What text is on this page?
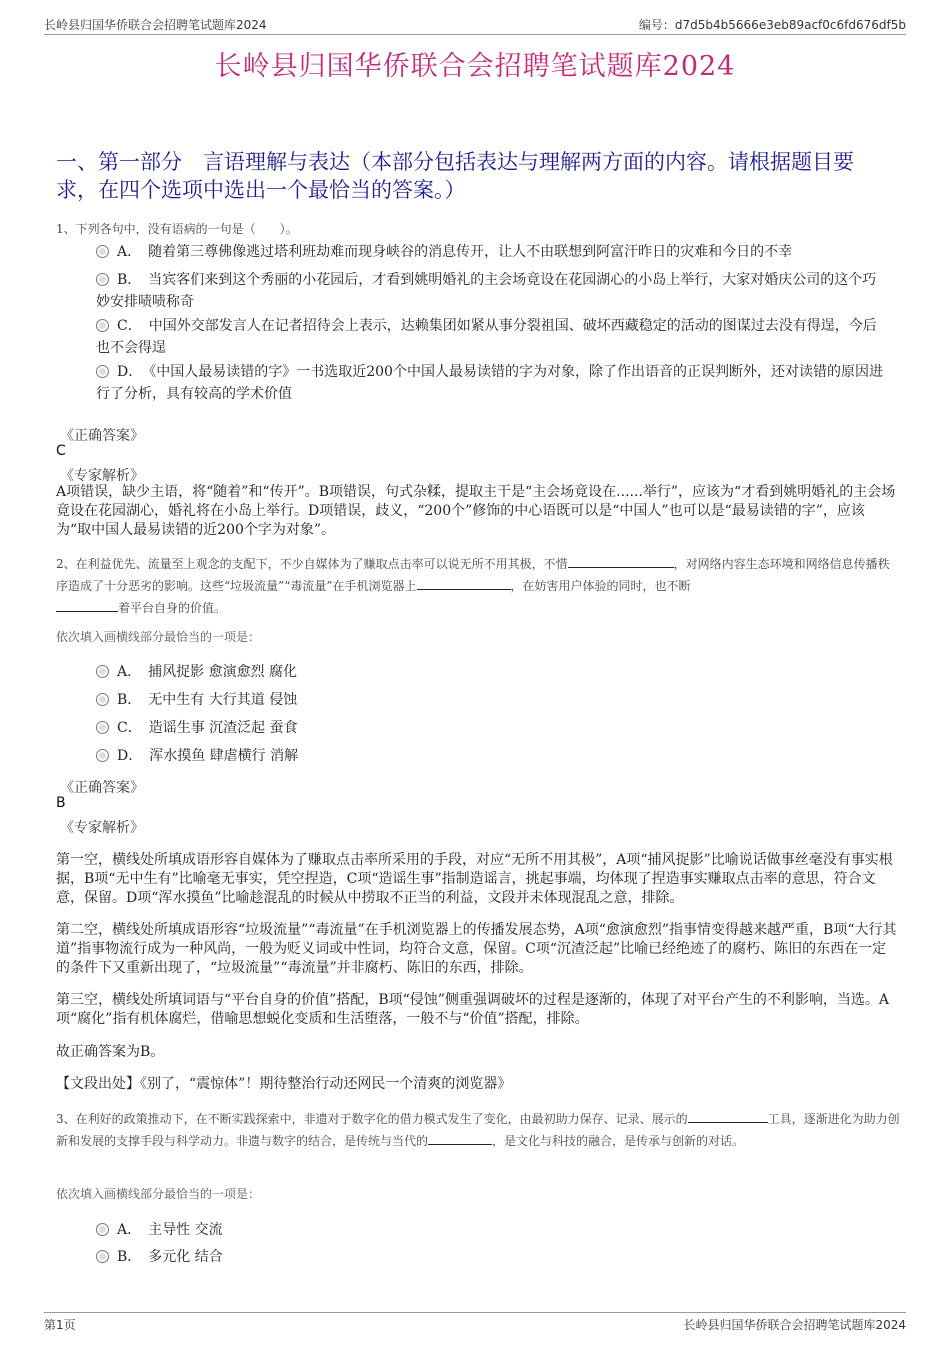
长岭县归国华侨联合会招聘笔试题库2024	编号：d7d5b4b5666e3eb89acf0c6fd676df5b
长岭县归国华侨联合会招聘笔试题库2024
一、第一部分　言语理解与表达（本部分包括表达与理解两方面的内容。请根据题目要求，在四个选项中选出一个最恰当的答案。）
1、下列各句中，没有语病的一句是（　　）。
A．　 随着第三尊佛像逃过塔利班劫难而现身峡谷的消息传开，让人不由联想到阿富汗昨日的灾难和今日的不幸
B．　 当宾客们来到这个秀丽的小花园后，才看到姚明婚礼的主会场竟设在花园湖心的小岛上举行，大家对婚庆公司的这个巧妙安排啧啧称奇
C．　 中国外交部发言人在记者招待会上表示，达赖集团如紧从事分裂祖国、破坏西藏稳定的活动的图谋过去没有得逞，今后也不会得逞
D．　 《中国人最易读错的字》一书选取近200个中国人最易读错的字为对象，除了作出语音的正误判断外，还对读错的原因进行了分析，具有较高的学术价值
《正确答案》
C
《专家解析》
A项错误，缺少主语，将“随着”和“传开”。B项错误，句式杂糅，提取主干是“主会场竟设在......举行”，应该为“才看到姚明婚礼的主会场竟设在花园湖心，婚礼将在小岛上举行。D项错误，歧义，“200个”修饰的中心语既可以是“中国人”也可以是“最易读错的字”，应该为“取中国人最易读错的近200个字为对象”。
2、在利益优先、流量至上观念的支配下，不少自媒体为了赚取点击率可以说无所不用其极，不惜	，对网络内容生态环境和网络信息传播秩序造成了十分恶劣的影响。这些“垃圾流量”“毒流量”在手机浏览器上	，在妨害用户体验的同时，也不断
着平台自身的价值。
依次填入画横线部分最恰当的一项是：
A．　 捕风捉影 愈演愈烈 腐化
B．　 无中生有 大行其道 侵蚀
C．　 造谣生事 沉渣泛起 蚕食
D．　 浑水摸鱼 肆虐横行 消解
《正确答案》
B
《专家解析》
第一空，横线处所填成语形容自媒体为了赚取点击率所采用的手段，对应“无所不用其极”，A项“捕风捉影”比喻说话做事丝毫没有事实根据，B项“无中生有”比喻毫无事实，凭空捏造，C项“造谣生事”指制造谣言，挑起事端，均体现了捏造事实赚取点击率的意思，符合文意，保留。D项“浑水摸鱼”比喻趁混乱的时候从中捞取不正当的利益，文段并未体现混乱之意，排除。
第二空，横线处所填成语形容“垃圾流量”“毒流量”在手机浏览器上的传播发展态势，A项“愈演愈烈”指事情变得越来越严重，B项“大行其道”指事物流行成为一种风尚，一般为贬义词或中性词，均符合文意，保留。C项“沉渣泛起”比喻已经绝迹了的腐朽、陈旧的东西在一定的条件下又重新出现了，“垃圾流量”“毒流量”并非腐朽、陈旧的东西，排除。
第三空，横线处所填词语与“平台自身的价值”搭配，B项“侵蚀”侧重强调破坏的过程是逐渐的，体现了对平台产生的不利影响，当选。A项“腐化”指有机体腐烂，借喻思想蜕化变质和生活堕落，一般不与“价值”搭配，排除。
故正确答案为B。
【文段出处】《别了，“震惊体”！期待整治行动还网民一个清爽的浏览器》
3、在利好的政策推动下，在不断实践探索中，非遗对于数字化的借力模式发生了变化，由最初助力保存、记录、展示的	工具，逐渐进化为助力创新和发展的支撑手段与科学动力。非遗与数字的结合，是传统与当代的	，是文化与科技的融合，是传承与创新的对话。
依次填入画横线部分最恰当的一项是：
A．　 主导性 交流
B．　 多元化 结合
第1页	长岭县归国华侨联合会招聘笔试题库2024
